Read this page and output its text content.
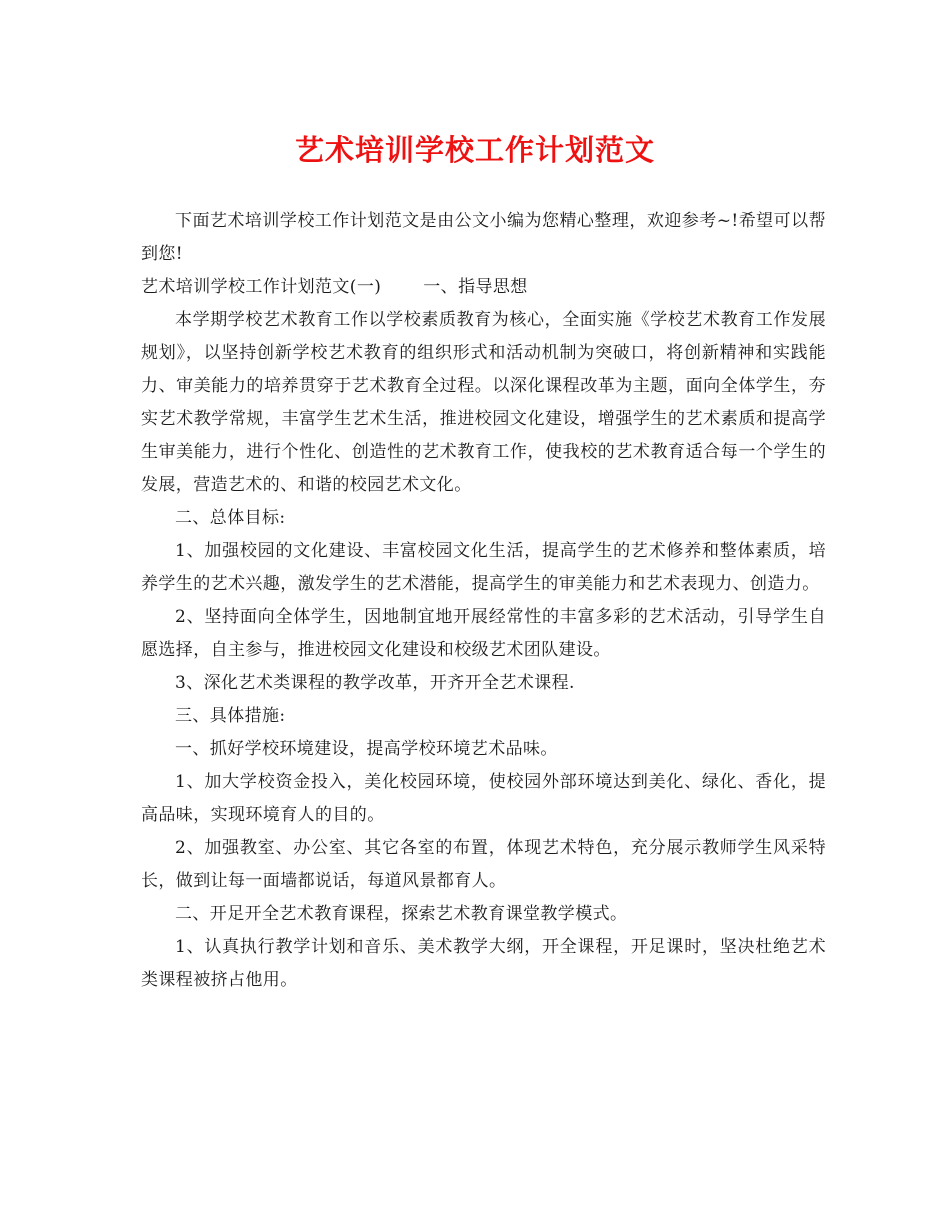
艺术培训学校工作计划范文

下面艺术培训学校工作计划范文是由公文小编为您精心整理，欢迎参考~!希望可以帮到您!

艺术培训学校工作计划范文(一) 一、指导思想

本学期学校艺术教育工作以学校素质教育为核心，全面实施《学校艺术教育工作发展规划》，以坚持创新学校艺术教育的组织形式和活动机制为突破口，将创新精神和实践能力、审美能力的培养贯穿于艺术教育全过程。以深化课程改革为主题，面向全体学生，夯实艺术教学常规，丰富学生艺术生活，推进校园文化建设，增强学生的艺术素质和提高学生审美能力，进行个性化、创造性的艺术教育工作，使我校的艺术教育适合每一个学生的发展，营造艺术的、和谐的校园艺术文化。

二、总体目标:

1、加强校园的文化建设、丰富校园文化生活，提高学生的艺术修养和整体素质，培养学生的艺术兴趣，激发学生的艺术潜能，提高学生的审美能力和艺术表现力、创造力。

2、坚持面向全体学生，因地制宜地开展经常性的丰富多彩的艺术活动，引导学生自愿选择，自主参与，推进校园文化建设和校级艺术团队建设。

3、深化艺术类课程的教学改革，开齐开全艺术课程.

三、具体措施:

一、抓好学校环境建设，提高学校环境艺术品味。

1、加大学校资金投入，美化校园环境，使校园外部环境达到美化、绿化、香化，提高品味，实现环境育人的目的。

2、加强教室、办公室、其它各室的布置，体现艺术特色，充分展示教师学生风采特长，做到让每一面墙都说话，每道风景都育人。

二、开足开全艺术教育课程，探索艺术教育课堂教学模式。

1、认真执行教学计划和音乐、美术教学大纲，开全课程，开足课时，坚决杜绝艺术类课程被挤占他用。
